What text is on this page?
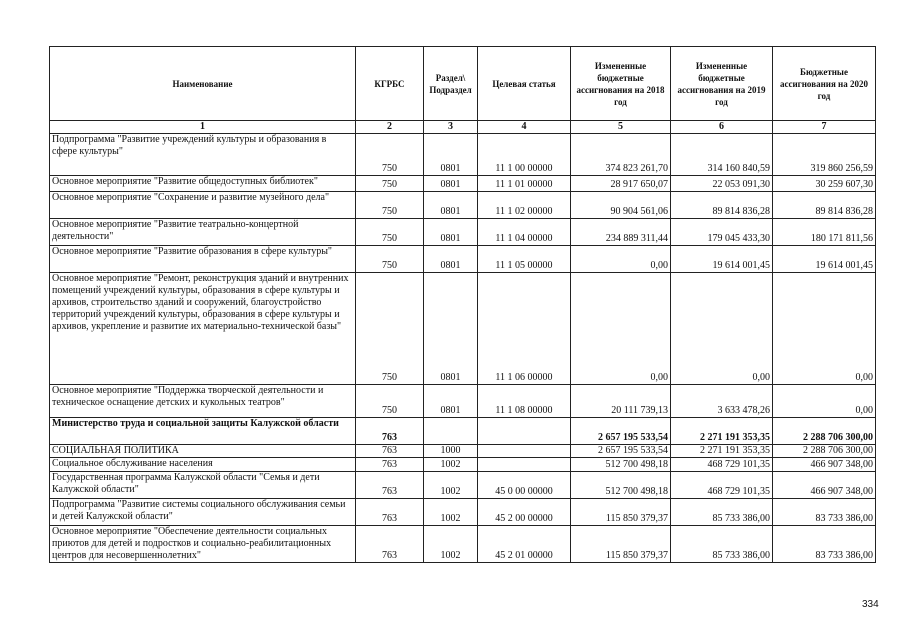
Наименование	КГРБС	Раздел\ Подраздел	Целевая статья	Измененные бюджетные ассигнования на 2018 год	Измененные бюджетные ассигнования на 2019 год	Бюджетные ассигнования на 2020 год
1	2	3	4	5	6	7
Подпрограмма "Развитие учреждений культуры и образования в сфере культуры"	750	0801	11 1 00 00000	374 823 261,70	314 160 840,59	319 860 256,59
Основное мероприятие "Развитие общедоступных библиотек"	750	0801	11 1 01 00000	28 917 650,07	22 053 091,30	30 259 607,30
Основное мероприятие "Сохранение и развитие музейного дела"	750	0801	11 1 02 00000	90 904 561,06	89 814 836,28	89 814 836,28
Основное мероприятие "Развитие театрально-концертной деятельности"	750	0801	11 1 04 00000	234 889 311,44	179 045 433,30	180 171 811,56
Основное мероприятие "Развитие образования в сфере культуры"	750	0801	11 1 05 00000	0,00	19 614 001,45	19 614 001,45
Основное мероприятие "Ремонт, реконструкция зданий и внутренних помещений учреждений культуры, образования в сфере культуры и архивов, строительство зданий и сооружений, благоустройство территорий учреждений культуры, образования в сфере культуры и архивов, укрепление и развитие их материально-технической базы"	750	0801	11 1 06 00000	0,00	0,00	0,00
Основное мероприятие "Поддержка творческой деятельности и техническое оснащение детских и кукольных театров"	750	0801	11 1 08 00000	20 111 739,13	3 633 478,26	0,00
Министерство труда и социальной защиты Калужской области	763			2 657 195 533,54	2 271 191 353,35	2 288 706 300,00
СОЦИАЛЬНАЯ ПОЛИТИКА	763	1000		2 657 195 533,54	2 271 191 353,35	2 288 706 300,00
Социальное обслуживание населения	763	1002		512 700 498,18	468 729 101,35	466 907 348,00
Государственная программа Калужской области "Семья и дети Калужской области"	763	1002	45 0 00 00000	512 700 498,18	468 729 101,35	466 907 348,00
Подпрограмма "Развитие системы социального обслуживания семьи и детей Калужской области"	763	1002	45 2 00 00000	115 850 379,37	85 733 386,00	83 733 386,00
Основное мероприятие "Обеспечение деятельности социальных приютов для детей и подростков и социально-реабилитационных центров для несовершеннолетних"	763	1002	45 2 01 00000	115 850 379,37	85 733 386,00	83 733 386,00
334
